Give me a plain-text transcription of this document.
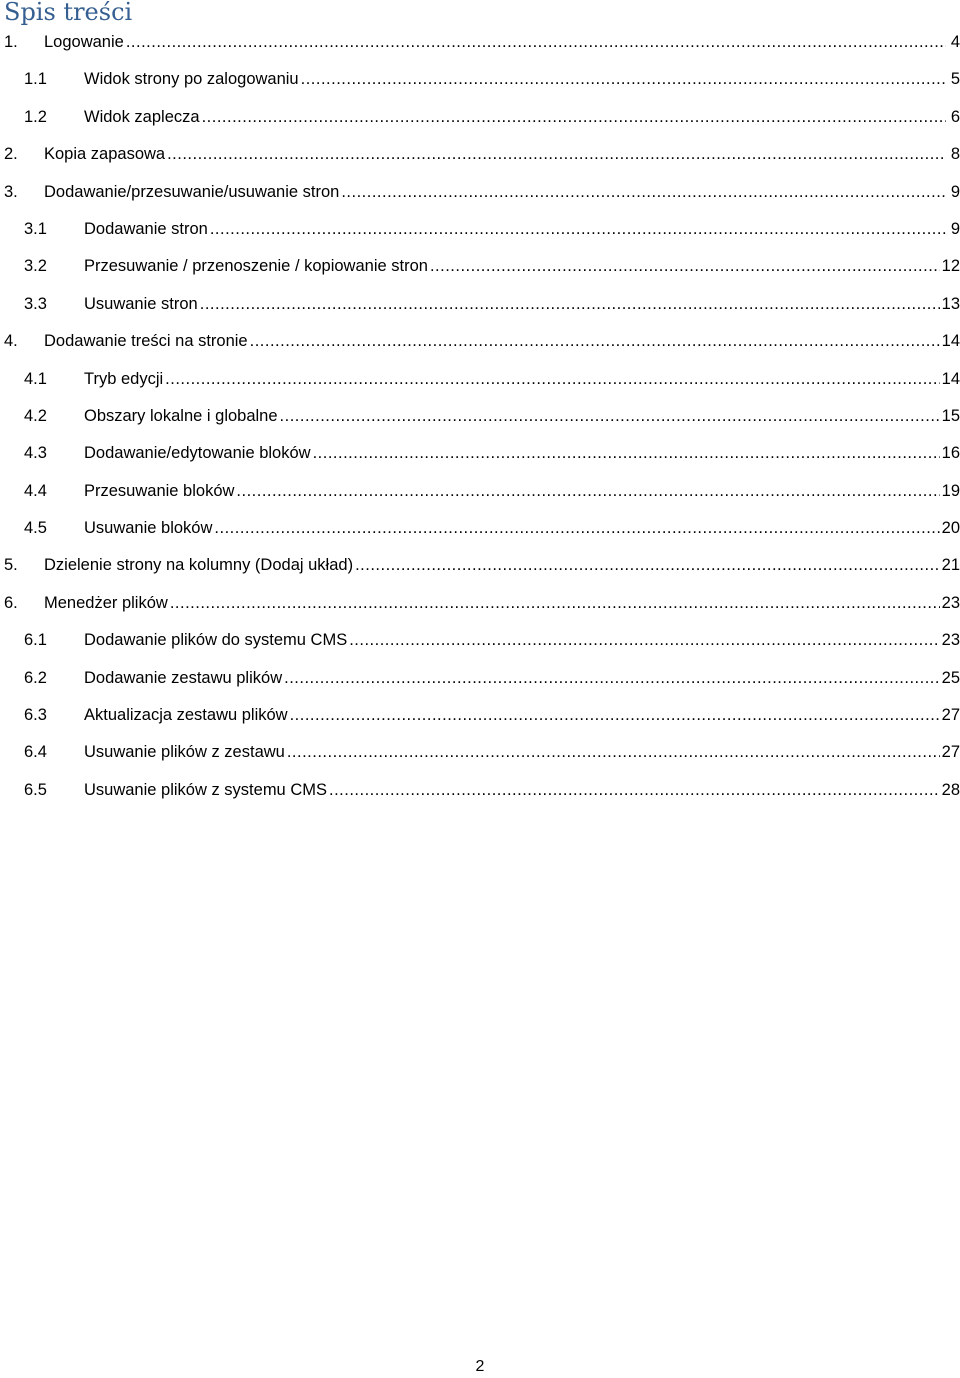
Spis treści
1.	Logowanie .....	4
1.1	Widok strony po zalogowaniu .....	5
1.2	Widok zaplecza .....	6
2.	Kopia zapasowa .....	8
3.	Dodawanie/przesuwanie/usuwanie stron .....	9
3.1	Dodawanie stron .....	9
3.2	Przesuwanie / przenoszenie / kopiowanie stron .....	12
3.3	Usuwanie stron .....	13
4.	Dodawanie treści na stronie .....	14
4.1	Tryb edycji .....	14
4.2	Obszary lokalne i globalne .....	15
4.3	Dodawanie/edytowanie bloków .....	16
4.4	Przesuwanie bloków .....	19
4.5	Usuwanie bloków .....	20
5.	Dzielenie strony na kolumny (Dodaj układ) .....	21
6.	Menedżer plików .....	23
6.1	Dodawanie plików do systemu CMS .....	23
6.2	Dodawanie zestawu plików .....	25
6.3	Aktualizacja zestawu plików .....	27
6.4	Usuwanie plików z zestawu .....	27
6.5	Usuwanie plików z systemu CMS .....	28
2
